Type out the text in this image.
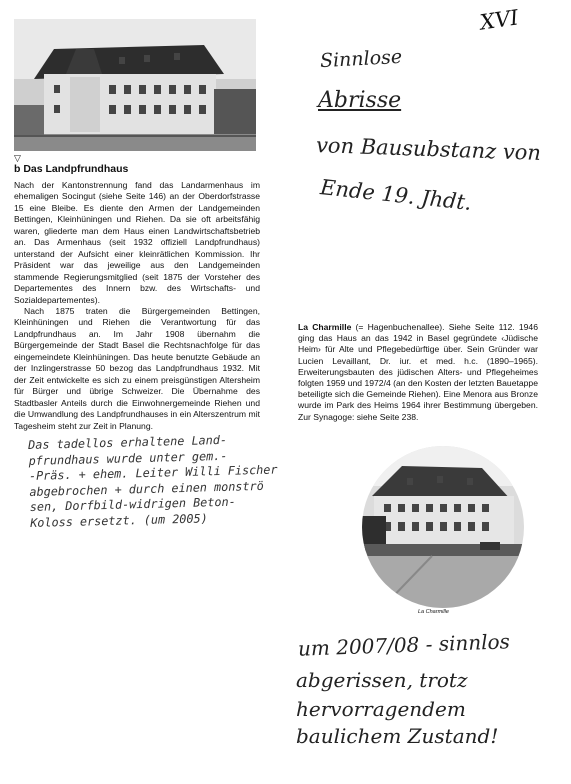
▽
b Das Landpfrundhaus

Nach der Kantonstrennung fand das Landarmenhaus im ehemaligen Socingut (siehe Seite 146) an der Oberdorfstrasse 15 eine Bleibe. Es diente den Armen der Landgemeinden Bettingen, Kleinhüningen und Riehen. Da sie oft arbeitsfähig waren, gliederte man dem Haus einen Landwirtschaftsbetrieb an. Das Armenhaus (seit 1932 offiziell Landpfrundhaus) unterstand der Aufsicht einer kleinrätlichen Kommission. Ihr Präsident war das jeweilige aus den Landgemeinden stammende Regierungsmitglied (seit 1875 der Vorsteher des Departementes des Innern bzw. des Wirtschafts- und Sozialdepartementes).

Nach 1875 traten die Bürgergemeinden Bettingen, Kleinhüningen und Riehen die Verantwortung für das Landpfrundhaus an. Im Jahr 1908 übernahm die Bürgergemeinde der Stadt Basel die Rechtsnachfolge für das eingemeindete Kleinhüningen. Das heute benutzte Gebäude an der Inzlingerstrasse 50 bezog das Landpfrundhaus 1932. Mit der Zeit entwickelte es sich zu einem preisgünstigen Altersheim für Bürger und übrige Schweizer. Die Übernahme des Stadtbasler Anteils durch die Einwohnergemeinde Riehen und die Umwandlung des Landpfrundhauses in ein Alterszentrum mit Tagesheim steht zur Zeit in Planung.

Das tadellos erhaltene Land-
pfrundhaus wurde unter gem.-
-Präs. + ehem. Leiter Willi Fischer
abgebrochen + durch einen monströ
sen, Dorfbild-widrigen Beton-
Koloss ersetzt. (um 2005)
XVI
Sinnlose
Abrisse
von Bausubstanz von
Ende 19. Jhdt.
La Charmille (= Hagenbuchenallee). Siehe Seite 112. 1946 ging das Haus an das 1942 in Basel gegründete ‹Jüdische Heim› für Alte und Pflegebedürftige über. Sein Gründer war Lucien Levaillant, Dr. iur. et med. h.c. (1890–1965). Erweiterungsbauten des jüdischen Alters- und Pflegeheimes folgten 1959 und 1972/4 (an den Kosten der letzten Bauetappe beteiligte sich die Gemeinde Riehen). Eine Menora aus Bronze wurde im Park des Heims 1964 ihrer Bestimmung übergeben. Zur Synagoge: siehe Seite 238.
La Charmille
um 2007/08 - sinnlos
abgerissen, trotz
hervorragendem
baulichem Zustand!
